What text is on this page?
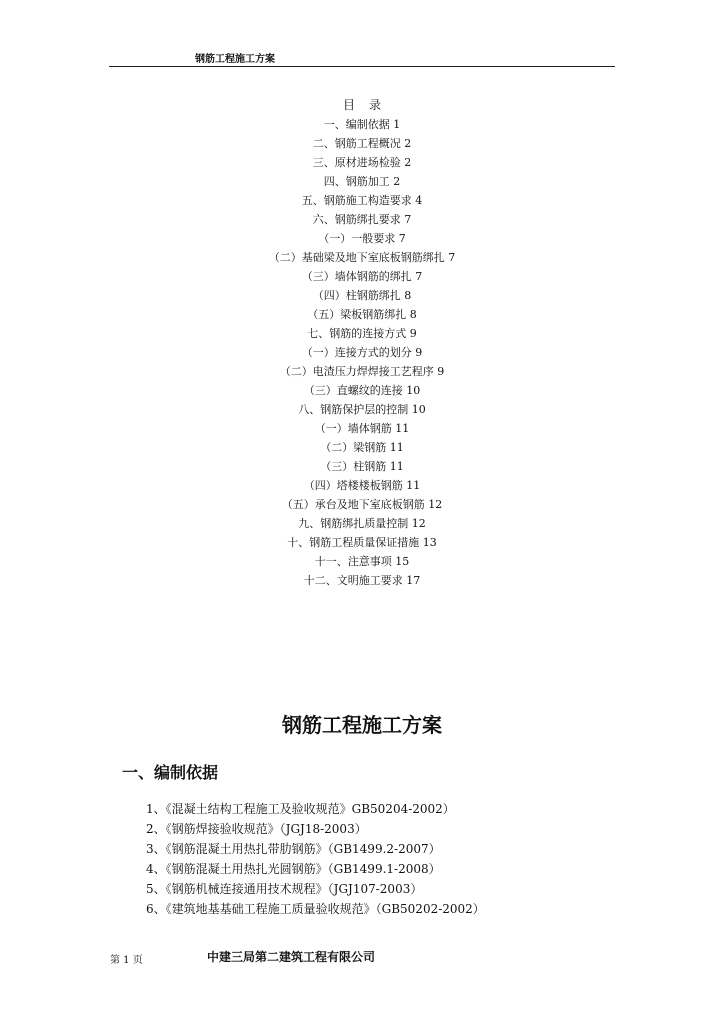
钢筋工程施工方案
目录
一、编制依据 1
二、钢筋工程概况 2
三、原材进场检验 2
四、钢筋加工 2
五、钢筋施工构造要求 4
六、钢筋绑扎要求 7
（一）一般要求 7
（二）基础梁及地下室底板钢筋绑扎 7
（三）墙体钢筋的绑扎 7
（四）柱钢筋绑扎 8
（五）梁板钢筋绑扎 8
七、钢筋的连接方式 9
（一）连接方式的划分 9
（二）电渣压力焊焊接工艺程序 9
（三）直螺纹的连接 10
八、钢筋保护层的控制 10
（一）墙体钢筋 11
（二）梁钢筋 11
（三）柱钢筋 11
（四）塔楼楼板钢筋 11
（五）承台及地下室底板钢筋 12
九、钢筋绑扎质量控制 12
十、钢筋工程质量保证措施 13
十一、注意事项 15
十二、文明施工要求 17
钢筋工程施工方案
一、编制依据
1、《混凝土结构工程施工及验收规范》GB50204-2002）
2、《钢筋焊接验收规范》（JGJ18-2003）
3、《钢筋混凝土用热扎带肋钢筋》（GB1499.2-2007）
4、《钢筋混凝土用热扎光圆钢筋》（GB1499.1-2008）
5、《钢筋机械连接通用技术规程》（JGJ107-2003）
6、《建筑地基基础工程施工质量验收规范》（GB50202-2002）
第 1 页	中建三局第二建筑工程有限公司
